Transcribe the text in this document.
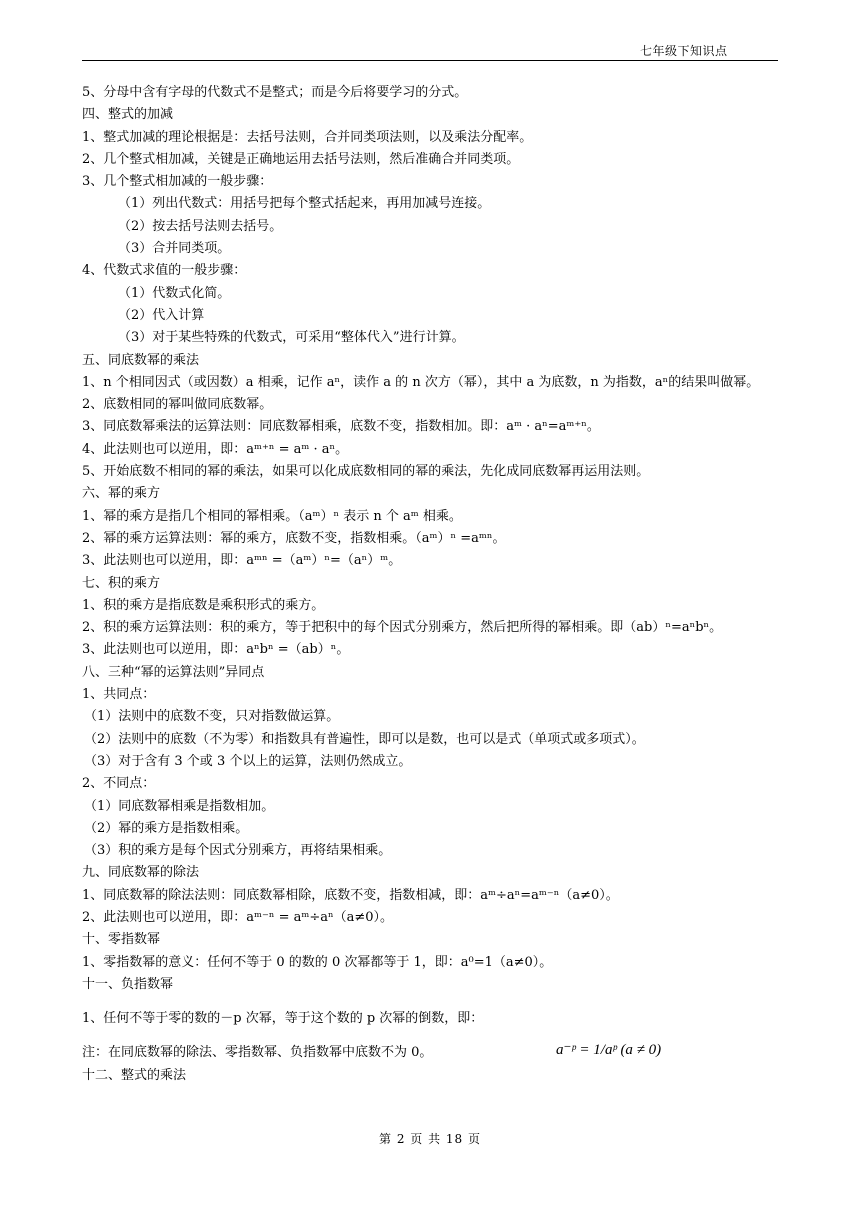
七年级下知识点
5、分母中含有字母的代数式不是整式；而是今后将要学习的分式。
四、整式的加减
1、整式加减的理论根据是：去括号法则，合并同类项法则，以及乘法分配率。
2、几个整式相加减，关键是正确地运用去括号法则，然后准确合并同类项。
3、几个整式相加减的一般步骤：
（1）列出代数式：用括号把每个整式括起来，再用加减号连接。
（2）按去括号法则去括号。
（3）合并同类项。
4、代数式求值的一般步骤：
（1）代数式化简。
（2）代入计算
（3）对于某些特殊的代数式，可采用“整体代入”进行计算。
五、同底数幂的乘法
1、n 个相同因式（或因数）a 相乘，记作 aⁿ，读作 a 的 n 次方（幂），其中 a 为底数，n 为指数，aⁿ的结果叫做幂。
2、底数相同的幂叫做同底数幂。
3、同底数幂乘法的运算法则：同底数幂相乘，底数不变，指数相加。即：aᵐ · aⁿ=aᵐ⁺ⁿ。
4、此法则也可以逆用，即：aᵐ⁺ⁿ = aᵐ · aⁿ。
5、开始底数不相同的幂的乘法，如果可以化成底数相同的幂的乘法，先化成同底数幂再运用法则。
六、幂的乘方
1、幂的乘方是指几个相同的幂相乘。（aᵐ）ⁿ 表示 n 个 aᵐ 相乘。
2、幂的乘方运算法则：幂的乘方，底数不变，指数相乘。（aᵐ）ⁿ =aᵐⁿ。
3、此法则也可以逆用，即：aᵐⁿ =（aᵐ）ⁿ=（aⁿ）ᵐ。
七、积的乘方
1、积的乘方是指底数是乘积形式的乘方。
2、积的乘方运算法则：积的乘方，等于把积中的每个因式分别乘方，然后把所得的幂相乘。即（ab）ⁿ=aⁿbⁿ。
3、此法则也可以逆用，即：aⁿbⁿ =（ab）ⁿ。
八、三种“幂的运算法则”异同点
1、共同点：
（1）法则中的底数不变，只对指数做运算。
（2）法则中的底数（不为零）和指数具有普遍性，即可以是数，也可以是式（单项式或多项式）。
（3）对于含有 3 个或 3 个以上的运算，法则仍然成立。
2、不同点：
（1）同底数幂相乘是指数相加。
（2）幂的乘方是指数相乘。
（3）积的乘方是每个因式分别乘方，再将结果相乘。
九、同底数幂的除法
1、同底数幂的除法法则：同底数幂相除，底数不变，指数相减，即：aᵐ÷aⁿ=aᵐ⁻ⁿ（a≠0）。
2、此法则也可以逆用，即：aᵐ⁻ⁿ = aᵐ÷aⁿ（a≠0）。
十、零指数幂
1、零指数幂的意义：任何不等于 0 的数的 0 次幂都等于 1，即：a⁰=1（a≠0）。
十一、负指数幂
1、任何不等于零的数的－p 次幂，等于这个数的 p 次幂的倒数，即：
注：在同底数幂的除法、零指数幂、负指数幂中底数不为 0。
十二、整式的乘法
a⁻ᵖ = 1/aᵖ (a ≠ 0)
第 2 页 共 18 页
